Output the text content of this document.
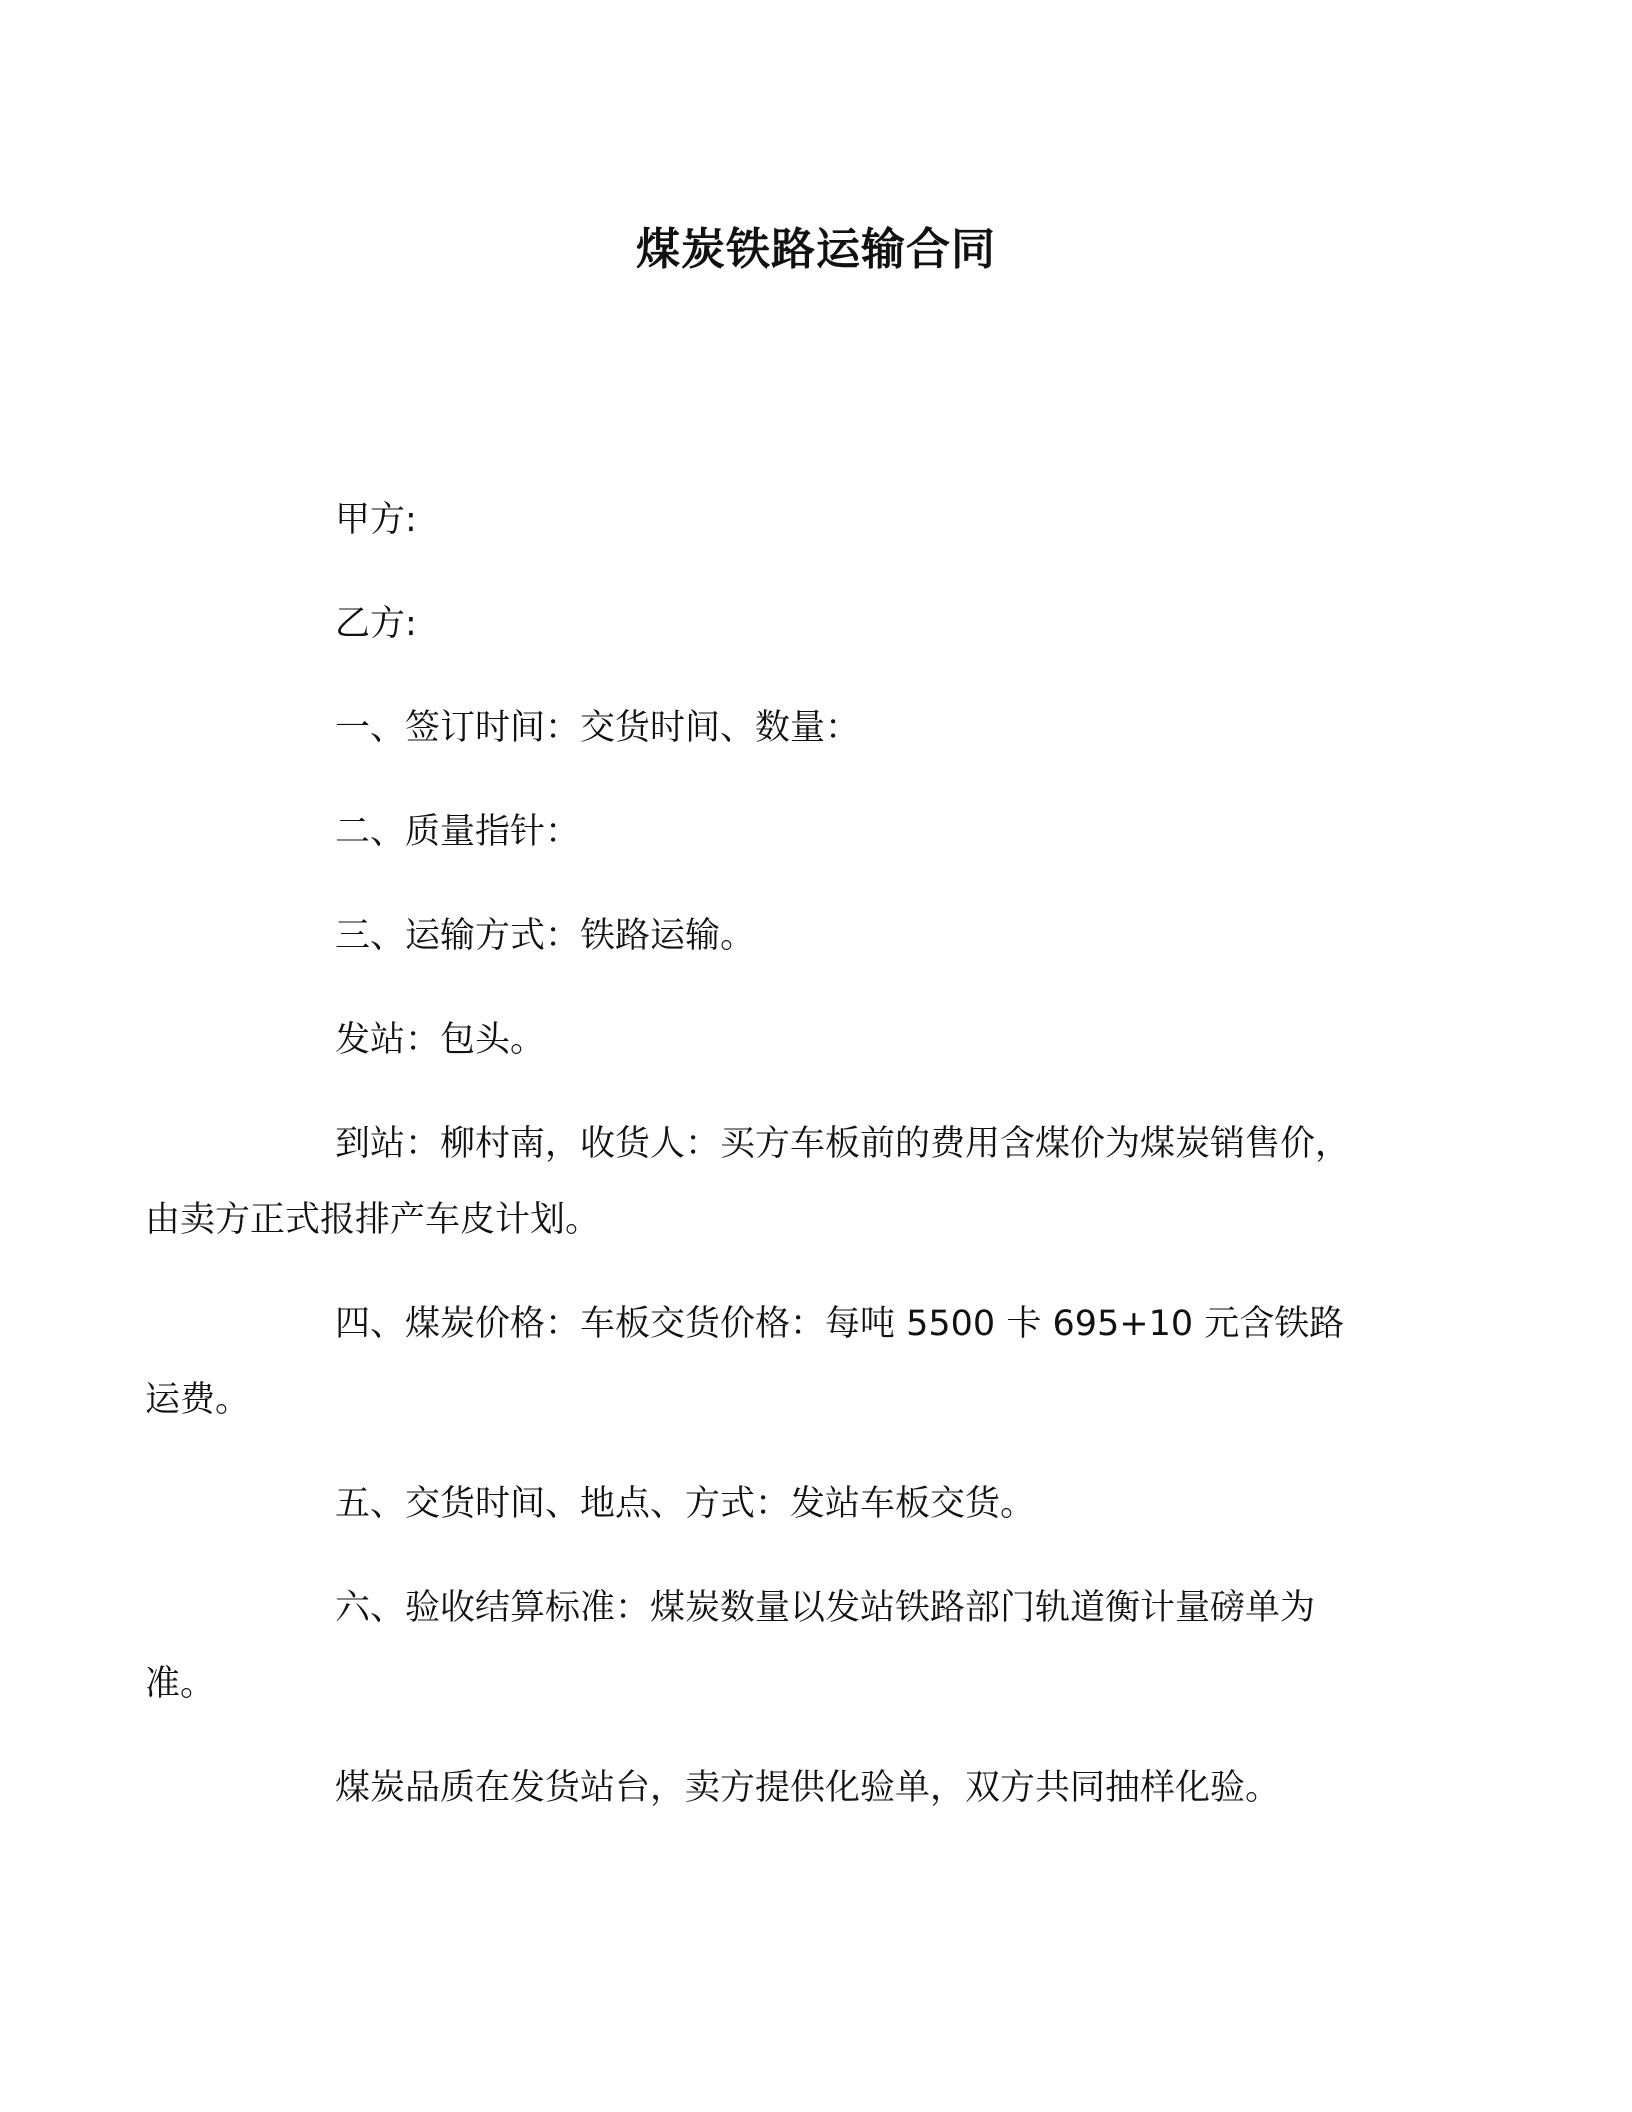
煤炭铁路运输合同
甲方:
乙方:
一、签订时间：交货时间、数量：
二、质量指针：
三、运输方式：铁路运输。
发站：包头。
到站：柳村南，收货人：买方车板前的费用含煤价为煤炭销售价，
由卖方正式报排产车皮计划。
四、煤炭价格：车板交货价格：每吨 5500 卡 695+10 元含铁路
运费。
五、交货时间、地点、方式：发站车板交货。
六、验收结算标准：煤炭数量以发站铁路部门轨道衡计量磅单为
准。
煤炭品质在发货站台，卖方提供化验单，双方共同抽样化验。
